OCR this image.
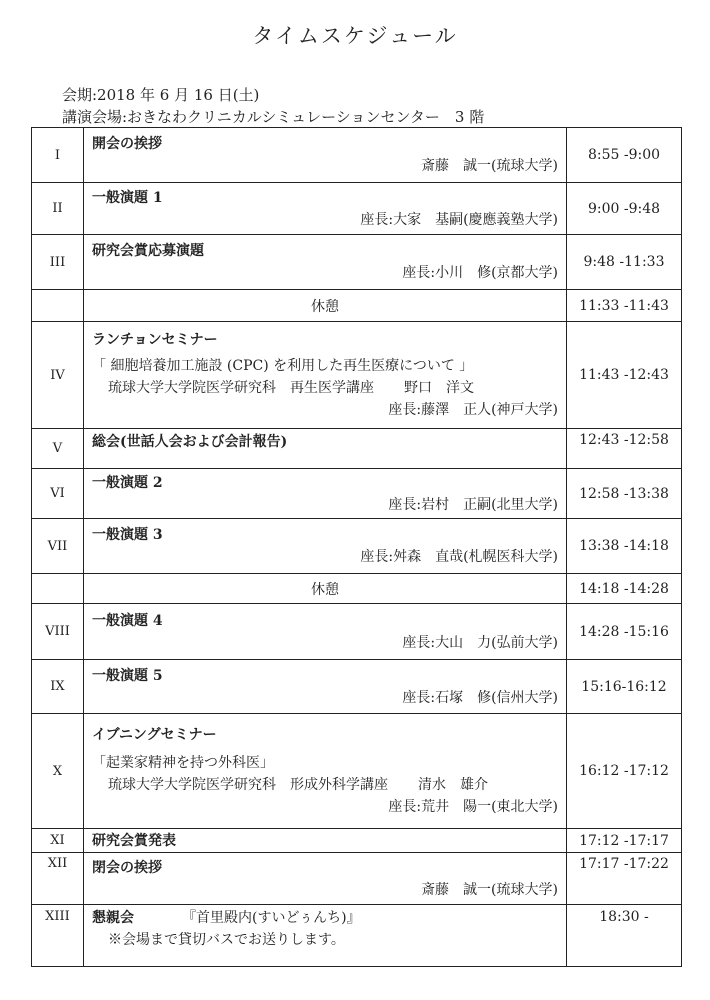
タイムスケジュール
会期:2018 年 6 月 16 日(土)
講演会場:おきなわクリニカルシミュレーションセンター　3 階
I	開会の挨拶
斎藤　誠一(琉球大学)	8:55 -9:00
II	一般演題 1
座長:大家　基嗣(慶應義塾大学)	9:00 -9:48
III	研究会賞応募演題
座長:小川　修(京都大学)	9:48 -11:33
	休憩	11:33 -11:43
IV	ランチョンセミナー
「 細胞培養加工施設 (CPC) を利用した再生医療について 」
琉球大学大学院医学研究科　再生医学講座 野口　洋文
座長:藤澤　正人(神戸大学)	11:43 -12:43
V	総会(世話人会および会計報告)	12:43 -12:58
VI	一般演題 2
座長:岩村　正嗣(北里大学)	12:58 -13:38
VII	一般演題 3
座長:舛森　直哉(札幌医科大学)	13:38 -14:18
	休憩	14:18 -14:28
VIII	一般演題 4
座長:大山　力(弘前大学)	14:28 -15:16
IX	一般演題 5
座長:石塚　修(信州大学)	15:16-16:12
X	イブニングセミナー
「起業家精神を持つ外科医」
琉球大学大学院医学研究科　形成外科学講座 清水　雄介
座長:荒井　陽一(東北大学)	16:12 -17:12
XI	研究会賞発表	17:12 -17:17
XII	閉会の挨拶
斎藤　誠一(琉球大学)	17:17 -17:22
XIII	懇親会 『首里殿内(すいどぅんち)』
※会場まで貸切バスでお送りします。	18:30 -
